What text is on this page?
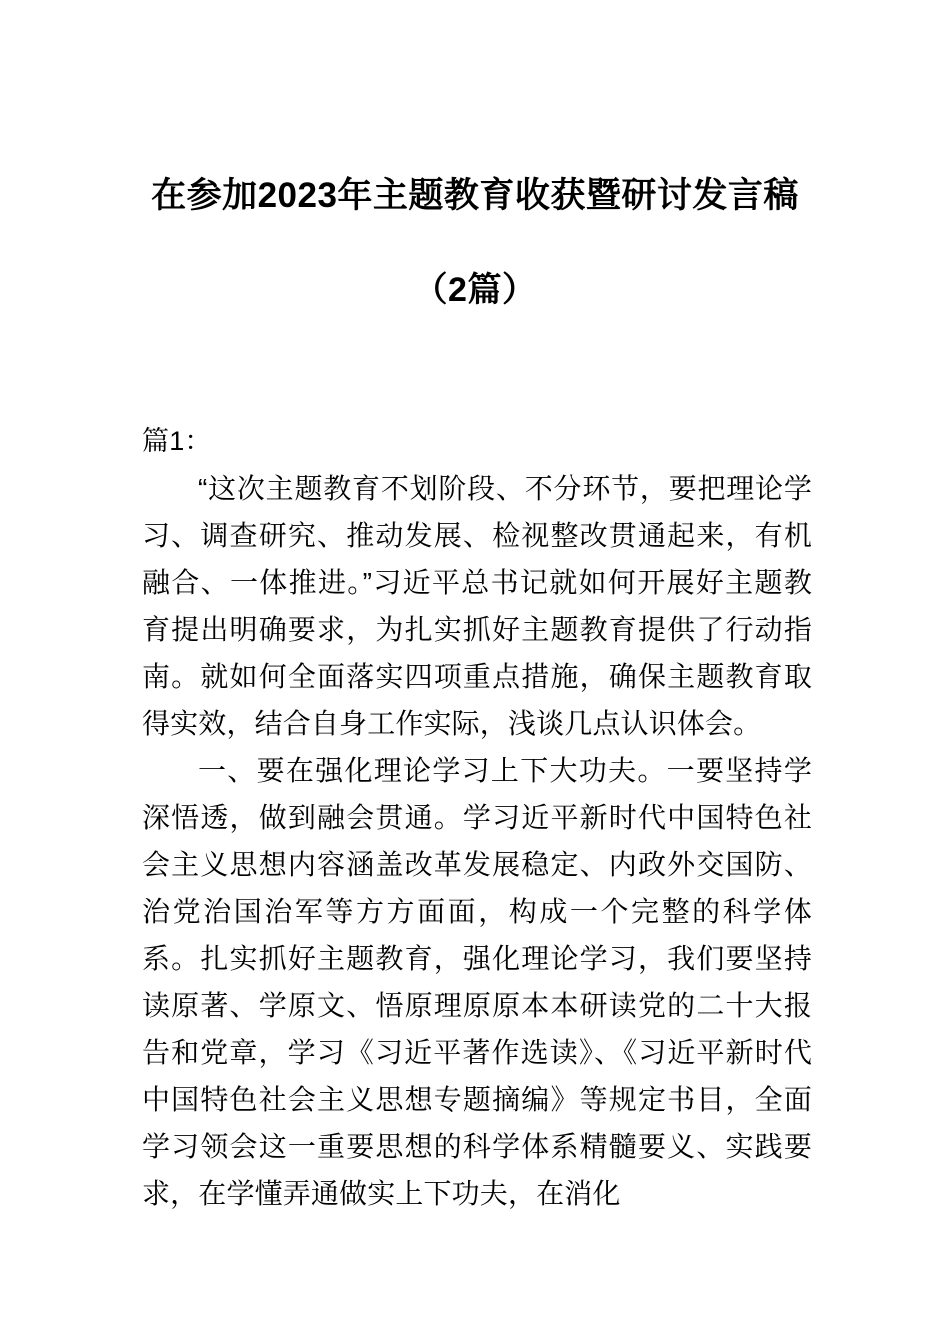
在参加2023年主题教育收获暨研讨发言稿
（2篇）

篇1：

“这次主题教育不划阶段、不分环节，要把理论学习、调查研究、推动发展、检视整改贯通起来，有机融合、一体推进。”习近平总书记就如何开展好主题教育提出明确要求，为扎实抓好主题教育提供了行动指南。就如何全面落实四项重点措施，确保主题教育取得实效，结合自身工作实际，浅谈几点认识体会。

一、要在强化理论学习上下大功夫。一要坚持学深悟透，做到融会贯通。学习近平新时代中国特色社会主义思想内容涵盖改革发展稳定、内政外交国防、治党治国治军等方方面面，构成一个完整的科学体系。扎实抓好主题教育，强化理论学习，我们要坚持读原著、学原文、悟原理原原本本研读党的二十大报告和党章，学习《习近平著作选读》、《习近平新时代中国特色社会主义思想专题摘编》等规定书目，全面学习领会这一重要思想的科学体系精髓要义、实践要求，在学懂弄通做实上下功夫，在消化
